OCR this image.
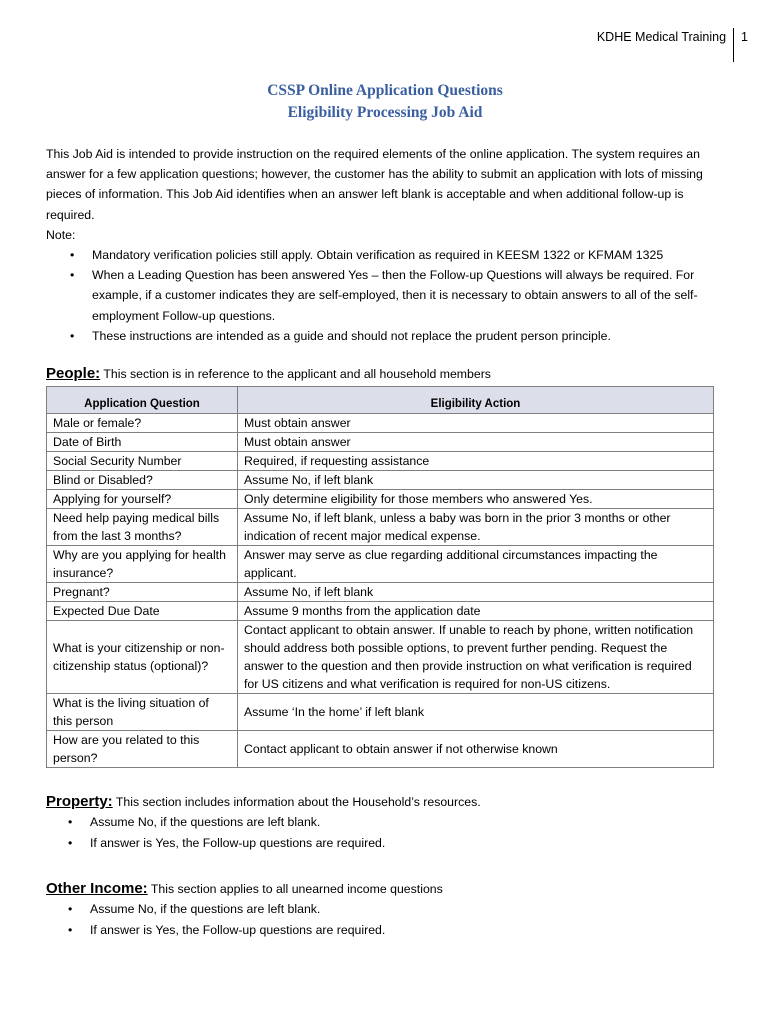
KDHE Medical Training	1
CSSP Online Application Questions
Eligibility Processing Job Aid

This Job Aid is intended to provide instruction on the required elements of the online application. The system requires an answer for a few application questions; however, the customer has the ability to submit an application with lots of missing pieces of information. This Job Aid identifies when an answer left blank is acceptable and when additional follow-up is required.

Note:

• Mandatory verification policies still apply. Obtain verification as required in KEESM 1322 or KFMAM 1325
• When a Leading Question has been answered Yes – then the Follow-up Questions will always be required. For example, if a customer indicates they are self-employed, then it is necessary to obtain answers to all of the self-employment Follow-up questions.
• These instructions are intended as a guide and should not replace the prudent person principle.
People: This section is in reference to the applicant and all household members
Application Question	Eligibility Action
Male or female?	Must obtain answer
Date of Birth	Must obtain answer
Social Security Number	Required, if requesting assistance
Blind or Disabled?	Assume No, if left blank
Applying for yourself?	Only determine eligibility for those members who answered Yes.
Need help paying medical bills from the last 3 months?	Assume No, if left blank, unless a baby was born in the prior 3 months or other indication of recent major medical expense.
Why are you applying for health insurance?	Answer may serve as clue regarding additional circumstances impacting the applicant.
Pregnant?	Assume No, if left blank
Expected Due Date	Assume 9 months from the application date
What is your citizenship or non-citizenship status (optional)?	Contact applicant to obtain answer. If unable to reach by phone, written notification should address both possible options, to prevent further pending. Request the answer to the question and then provide instruction on what verification is required for US citizens and what verification is required for non-US citizens.
What is the living situation of this person	Assume ‘In the home’ if left blank
How are you related to this person?	Contact applicant to obtain answer if not otherwise known
Property: This section includes information about the Household’s resources.
• Assume No, if the questions are left blank.
• If answer is Yes, the Follow-up questions are required.
Other Income: This section applies to all unearned income questions
• Assume No, if the questions are left blank.
• If answer is Yes, the Follow-up questions are required.
